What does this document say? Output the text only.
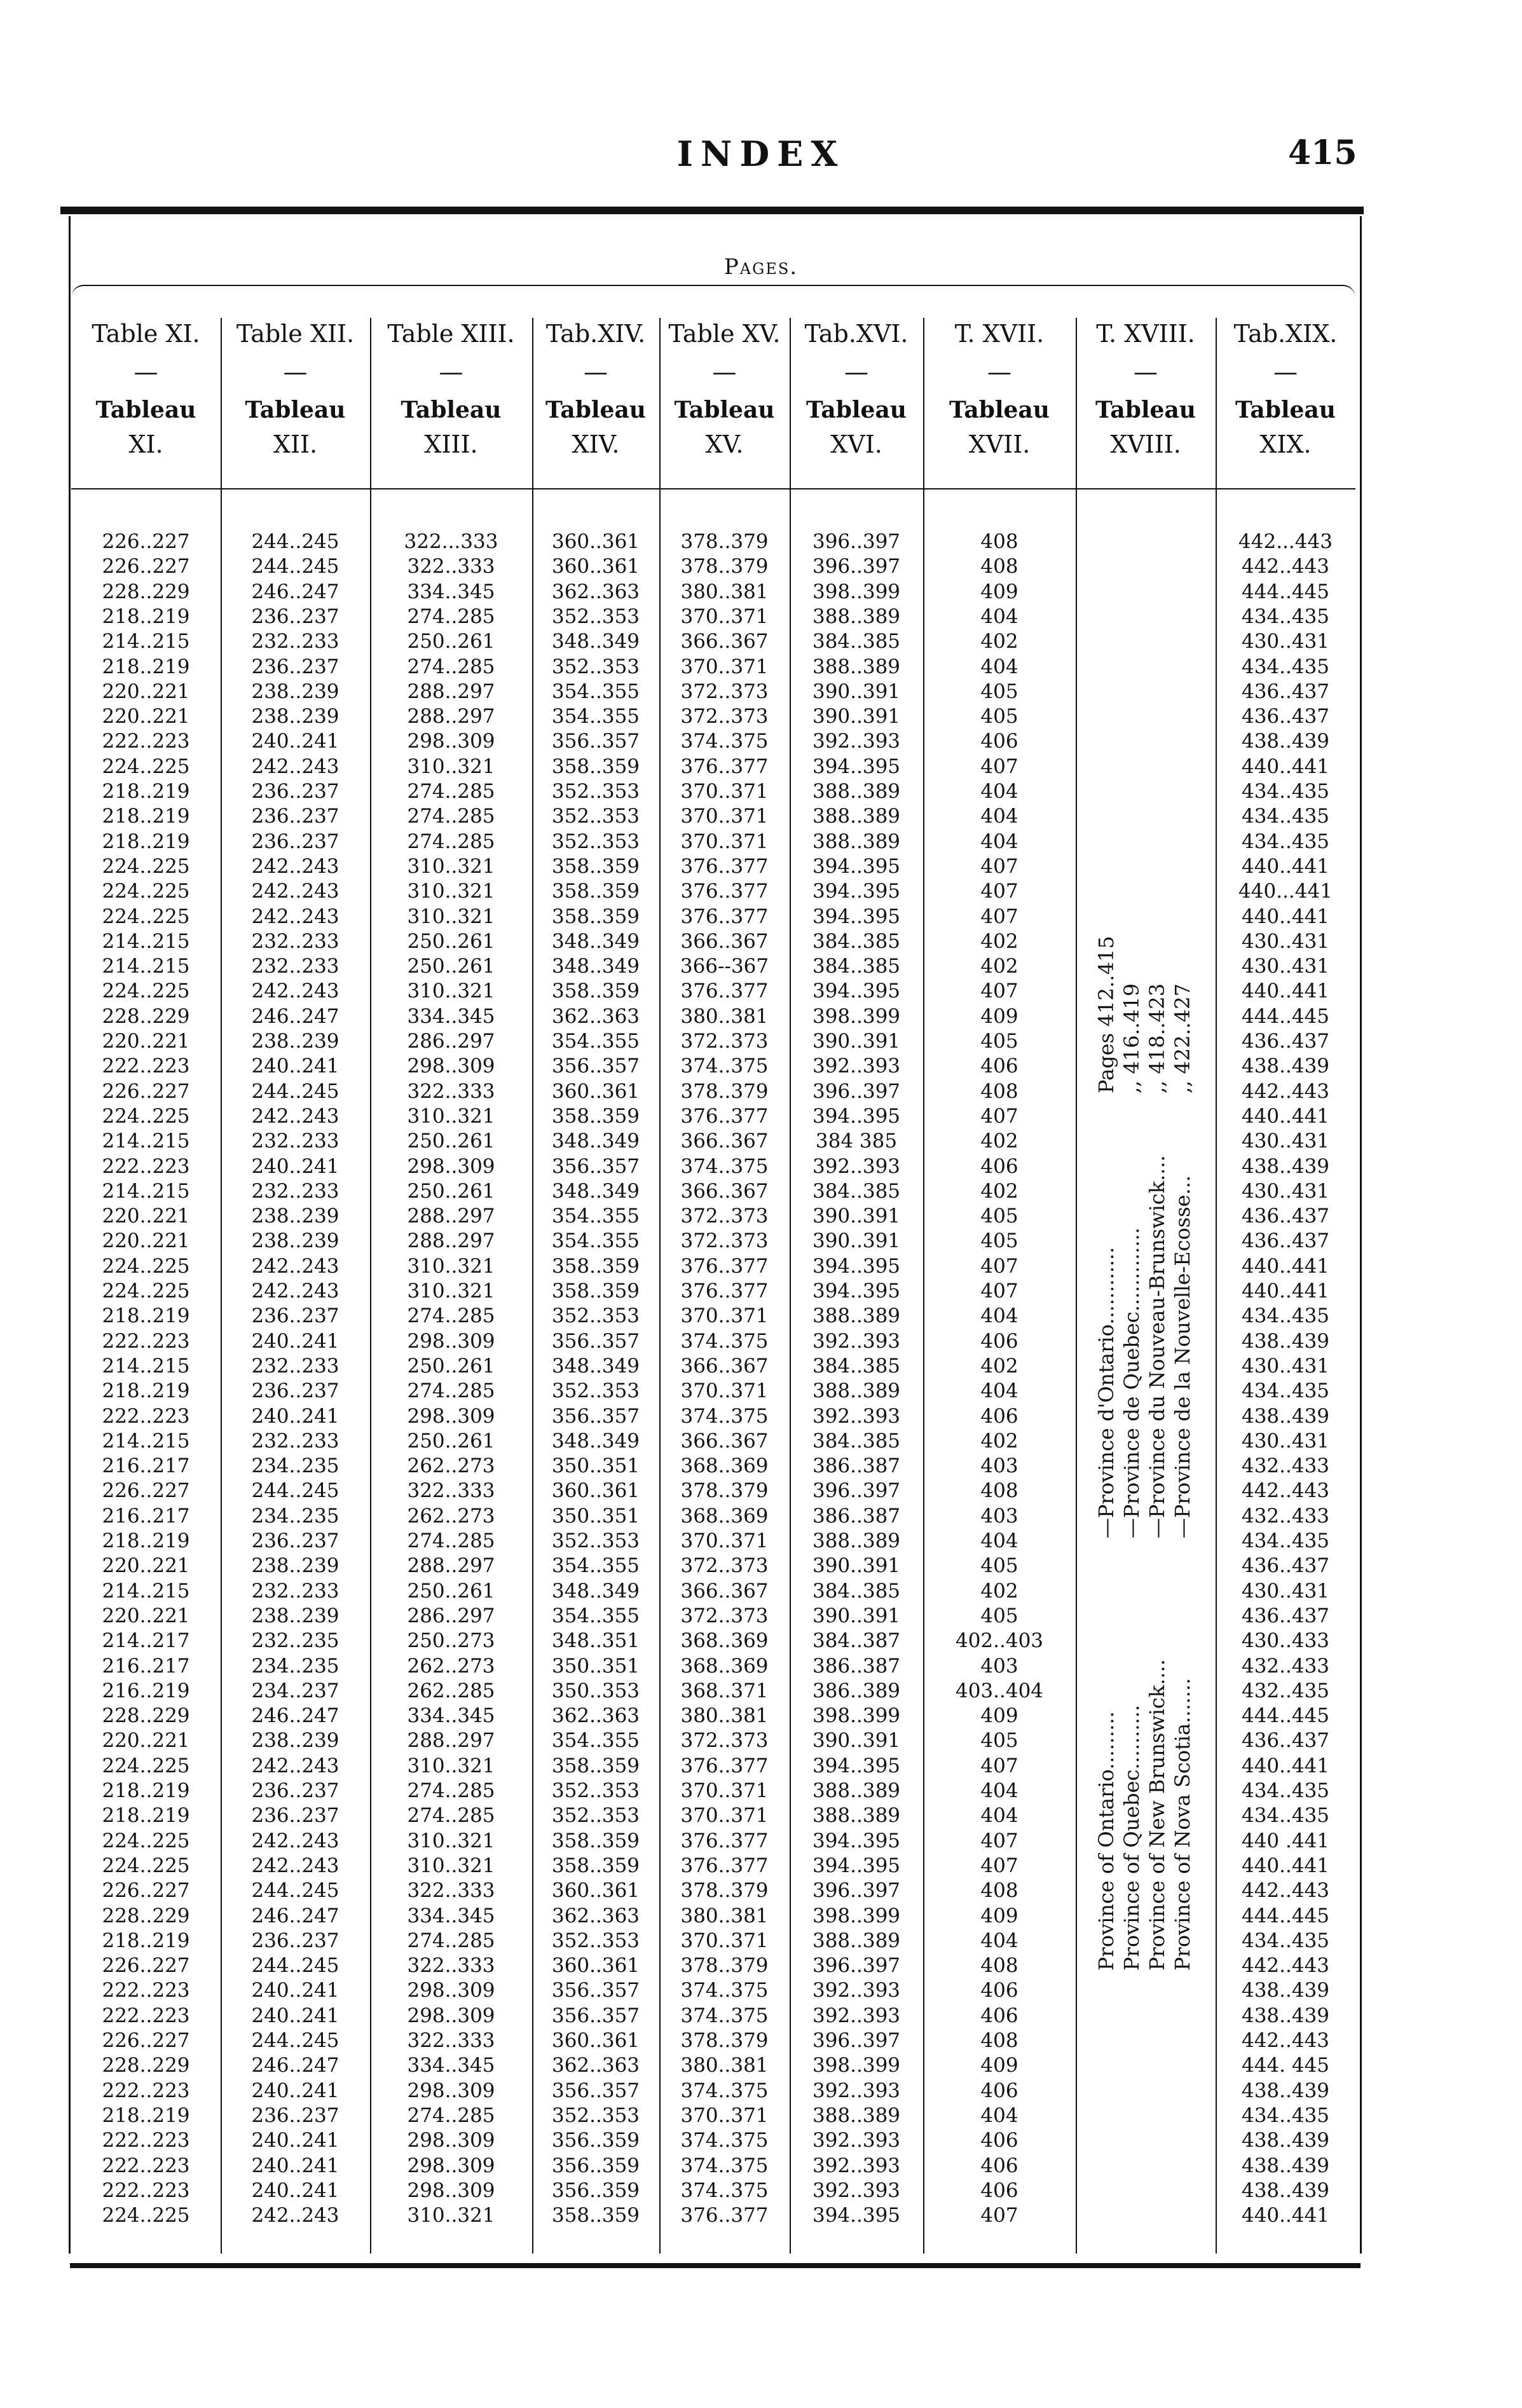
INDEX	415
Pages.
Table XI.
—
Tableau
XI.
226..227
226..227
228..229
218..219
214..215
218..219
220..221
220..221
222..223
224..225
218..219
218..219
218..219
224..225
224..225
224..225
214..215
214..215
224..225
228..229
220..221
222..223
226..227
224..225
214..215
222..223
214..215
220..221
220..221
224..225
224..225
218..219
222..223
214..215
218..219
222..223
214..215
216..217
226..227
216..217
218..219
220..221
214..215
220..221
214..217
216..217
216..219
228..229
220..221
224..225
218..219
218..219
224..225
224..225
226..227
228..229
218..219
226..227
222..223
222..223
226..227
228..229
222..223
218..219
222..223
222..223
222..223
224..225
Table XII.
—
Tableau
XII.
244..245
244..245
246..247
236..237
232..233
236..237
238..239
238..239
240..241
242..243
236..237
236..237
236..237
242..243
242..243
242..243
232..233
232..233
242..243
246..247
238..239
240..241
244..245
242..243
232..233
240..241
232..233
238..239
238..239
242..243
242..243
236..237
240..241
232..233
236..237
240..241
232..233
234..235
244..245
234..235
236..237
238..239
232..233
238..239
232..235
234..235
234..237
246..247
238..239
242..243
236..237
236..237
242..243
242..243
244..245
246..247
236..237
244..245
240..241
240..241
244..245
246..247
240..241
236..237
240..241
240..241
240..241
242..243
Table XIII.
—
Tableau
XIII.
322...333
322..333
334..345
274..285
250..261
274..285
288..297
288..297
298..309
310..321
274..285
274..285
274..285
310..321
310..321
310..321
250..261
250..261
310..321
334..345
286..297
298..309
322..333
310..321
250..261
298..309
250..261
288..297
288..297
310..321
310..321
274..285
298..309
250..261
274..285
298..309
250..261
262..273
322..333
262..273
274..285
288..297
250..261
286..297
250..273
262..273
262..285
334..345
288..297
310..321
274..285
274..285
310..321
310..321
322..333
334..345
274..285
322..333
298..309
298..309
322..333
334..345
298..309
274..285
298..309
298..309
298..309
310..321
Tab.XIV.
—
Tableau
XIV.
360..361
360..361
362..363
352..353
348..349
352..353
354..355
354..355
356..357
358..359
352..353
352..353
352..353
358..359
358..359
358..359
348..349
348..349
358..359
362..363
354..355
356..357
360..361
358..359
348..349
356..357
348..349
354..355
354..355
358..359
358..359
352..353
356..357
348..349
352..353
356..357
348..349
350..351
360..361
350..351
352..353
354..355
348..349
354..355
348..351
350..351
350..353
362..363
354..355
358..359
352..353
352..353
358..359
358..359
360..361
362..363
352..353
360..361
356..357
356..357
360..361
362..363
356..357
352..353
356..359
356..359
356..359
358..359
Table XV.
—
Tableau
XV.
378..379
378..379
380..381
370..371
366..367
370..371
372..373
372..373
374..375
376..377
370..371
370..371
370..371
376..377
376..377
376..377
366..367
366--367
376..377
380..381
372..373
374..375
378..379
376..377
366..367
374..375
366..367
372..373
372..373
376..377
376..377
370..371
374..375
366..367
370..371
374..375
366..367
368..369
378..379
368..369
370..371
372..373
366..367
372..373
368..369
368..369
368..371
380..381
372..373
376..377
370..371
370..371
376..377
376..377
378..379
380..381
370..371
378..379
374..375
374..375
378..379
380..381
374..375
370..371
374..375
374..375
374..375
376..377
Tab.XVI.
—
Tableau
XVI.
396..397
396..397
398..399
388..389
384..385
388..389
390..391
390..391
392..393
394..395
388..389
388..389
388..389
394..395
394..395
394..395
384..385
384..385
394..395
398..399
390..391
392..393
396..397
394..395
384 385
392..393
384..385
390..391
390..391
394..395
394..395
388..389
392..393
384..385
388..389
392..393
384..385
386..387
396..397
386..387
388..389
390..391
384..385
390..391
384..387
386..387
386..389
398..399
390..391
394..395
388..389
388..389
394..395
394..395
396..397
398..399
388..389
396..397
392..393
392..393
396..397
398..399
392..393
388..389
392..393
392..393
392..393
394..395
T. XVII.
—
Tableau
XVII.
408
408
409
404
402
404
405
405
406
407
404
404
404
407
407
407
402
402
407
409
405
406
408
407
402
406
402
405
405
407
407
404
406
402
404
406
402
403
408
403
404
405
402
405
402..403
403
403..404
409
405
407
404
404
407
407
408
409
404
408
406
406
408
409
406
404
406
406
406
407
T. XVIII.
—
Tableau
XVIII.
Tab.XIX.
—
Tableau
XIX.
442...443
442..443
444..445
434..435
430..431
434..435
436..437
436..437
438..439
440..441
434..435
434..435
434..435
440..441
440...441
440..441
430..431
430..431
440..441
444..445
436..437
438..439
442..443
440..441
430..431
438..439
430..431
436..437
436..437
440..441
440..441
434..435
438..439
430..431
434..435
438..439
430..431
432..433
442..443
432..433
434..435
436..437
430..431
436..437
430..433
432..433
432..435
444..445
436..437
440..441
434..435
434..435
440 .441
440..441
442..443
444..445
434..435
442..443
438..439
438..439
442..443
444. 445
438..439
434..435
438..439
438..439
438..439
440..441
Province of Ontario.........
—Province d'Ontario............
Pages 412..415
Province of Quebec..........
—Province de Quebec.............
,, 416..419
Province of New Brunswick....
—Province du Nouveau-Brunswick....
,, 418..423
Province of Nova Scotia.......
—Province de la Nouvelle-Ecosse...
,, 422..427
